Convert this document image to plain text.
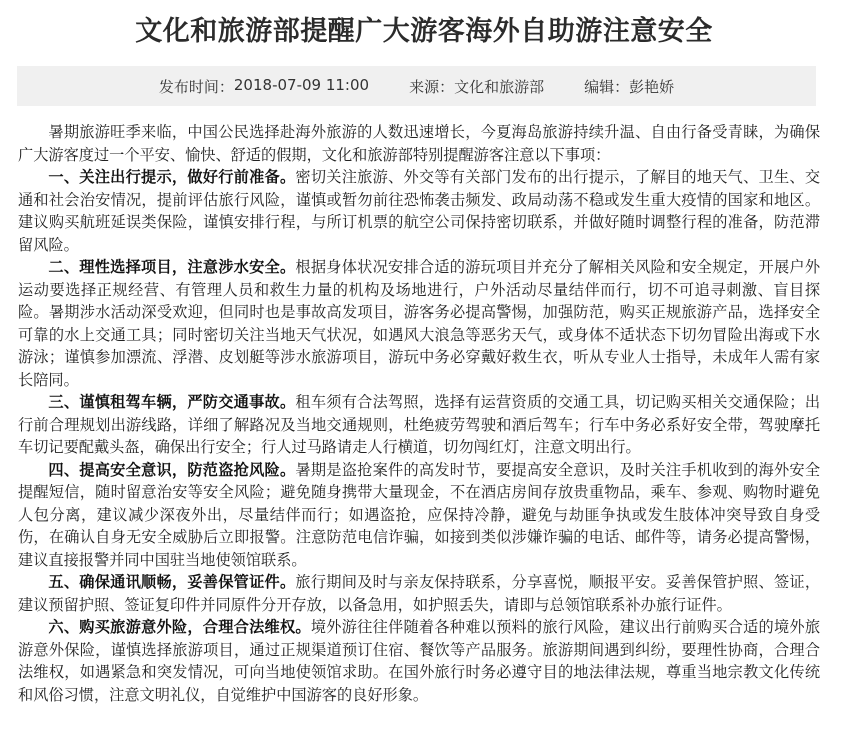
文化和旅游部提醒广大游客海外自助游注意安全
发布时间： 2018-07-09 11:00	来源： 文化和旅游部	编辑： 彭艳娇

暑期旅游旺季来临，中国公民选择赴海外旅游的人数迅速增长，今夏海岛旅游持续升温、自由行备受青睐，为确保广大游客度过一个平安、愉快、舒适的假期，文化和旅游部特别提醒游客注意以下事项：

一、关注出行提示，做好行前准备。密切关注旅游、外交等有关部门发布的出行提示，了解目的地天气、卫生、交通和社会治安情况，提前评估旅行风险，谨慎或暂勿前往恐怖袭击频发、政局动荡不稳或发生重大疫情的国家和地区。建议购买航班延误类保险，谨慎安排行程，与所订机票的航空公司保持密切联系，并做好随时调整行程的准备，防范滞留风险。

二、理性选择项目，注意涉水安全。根据身体状况安排合适的游玩项目并充分了解相关风险和安全规定，开展户外运动要选择正规经营、有管理人员和救生力量的机构及场地进行，户外活动尽量结伴而行，切不可追寻刺激、盲目探险。暑期涉水活动深受欢迎，但同时也是事故高发项目，游客务必提高警惕，加强防范，购买正规旅游产品，选择安全可靠的水上交通工具；同时密切关注当地天气状况，如遇风大浪急等恶劣天气，或身体不适状态下切勿冒险出海或下水游泳；谨慎参加漂流、浮潜、皮划艇等涉水旅游项目，游玩中务必穿戴好救生衣，听从专业人士指导，未成年人需有家长陪同。

三、谨慎租驾车辆，严防交通事故。租车须有合法驾照，选择有运营资质的交通工具，切记购买相关交通保险；出行前合理规划出游线路，详细了解路况及当地交通规则，杜绝疲劳驾驶和酒后驾车；行车中务必系好安全带，驾驶摩托车切记要配戴头盔，确保出行安全；行人过马路请走人行横道，切勿闯红灯，注意文明出行。

四、提高安全意识，防范盗抢风险。暑期是盗抢案件的高发时节，要提高安全意识，及时关注手机收到的海外安全提醒短信，随时留意治安等安全风险；避免随身携带大量现金，不在酒店房间存放贵重物品，乘车、参观、购物时避免人包分离，建议减少深夜外出，尽量结伴而行；如遇盗抢，应保持冷静，避免与劫匪争执或发生肢体冲突导致自身受伤，在确认自身无安全威胁后立即报警。注意防范电信诈骗，如接到类似涉嫌诈骗的电话、邮件等，请务必提高警惕，建议直接报警并同中国驻当地使领馆联系。

五、确保通讯顺畅，妥善保管证件。旅行期间及时与亲友保持联系，分享喜悦，顺报平安。妥善保管护照、签证，建议预留护照、签证复印件并同原件分开存放，以备急用，如护照丢失，请即与总领馆联系补办旅行证件。

六、购买旅游意外险，合理合法维权。境外游往往伴随着各种难以预料的旅行风险，建议出行前购买合适的境外旅游意外保险，谨慎选择旅游项目，通过正规渠道预订住宿、餐饮等产品服务。旅游期间遇到纠纷，要理性协商，合理合法维权，如遇紧急和突发情况，可向当地使领馆求助。在国外旅行时务必遵守目的地法律法规，尊重当地宗教文化传统和风俗习惯，注意文明礼仪，自觉维护中国游客的良好形象。
